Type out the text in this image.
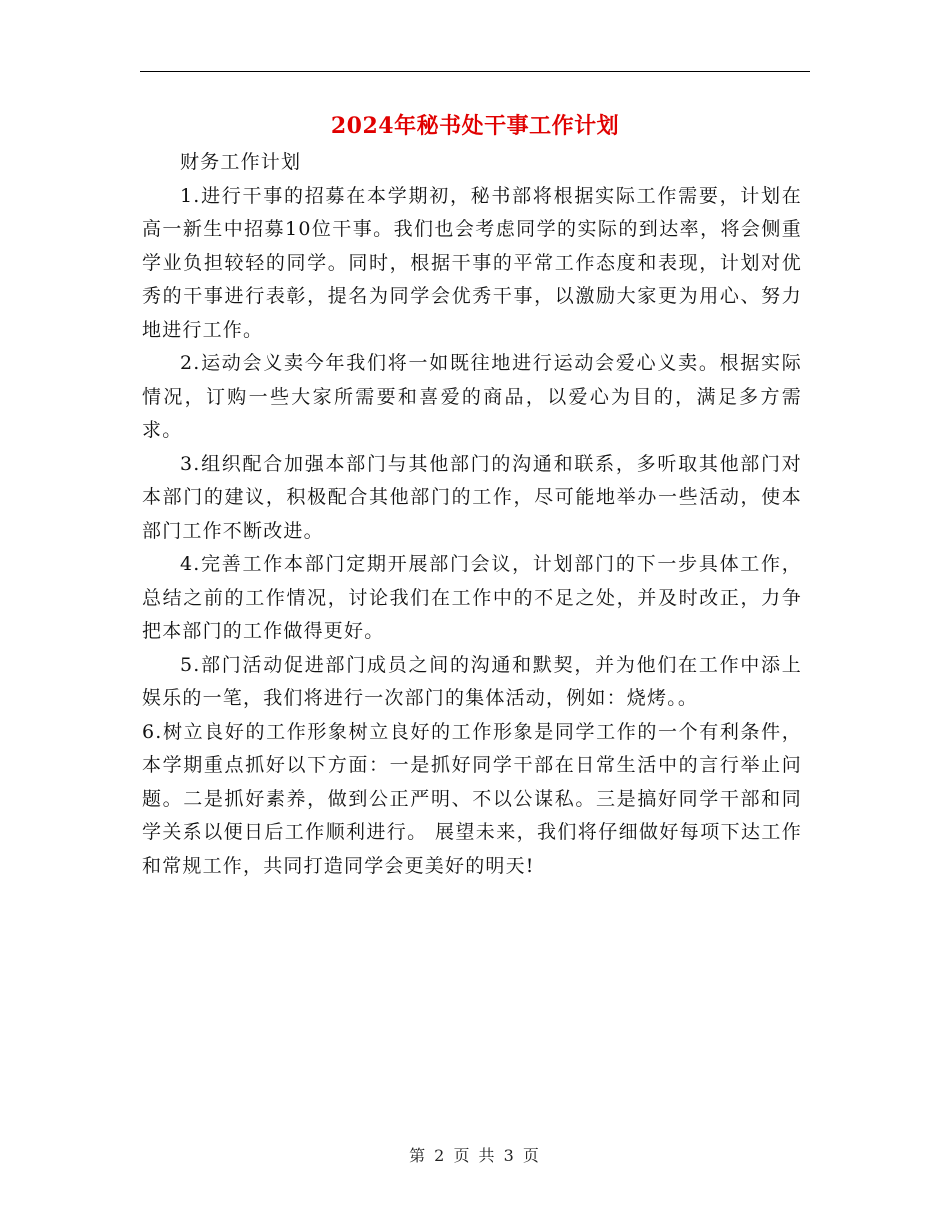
2024年秘书处干事工作计划

财务工作计划

1.进行干事的招募在本学期初，秘书部将根据实际工作需要，计划在高一新生中招募10位干事。我们也会考虑同学的实际的到达率，将会侧重学业负担较轻的同学。同时，根据干事的平常工作态度和表现，计划对优秀的干事进行表彰，提名为同学会优秀干事，以激励大家更为用心、努力地进行工作。

2.运动会义卖今年我们将一如既往地进行运动会爱心义卖。根据实际情况，订购一些大家所需要和喜爱的商品，以爱心为目的，满足多方需求。

3.组织配合加强本部门与其他部门的沟通和联系，多听取其他部门对本部门的建议，积极配合其他部门的工作，尽可能地举办一些活动，使本部门工作不断改进。

4.完善工作本部门定期开展部门会议，计划部门的下一步具体工作，总结之前的工作情况，讨论我们在工作中的不足之处，并及时改正，力争把本部门的工作做得更好。

5.部门活动促进部门成员之间的沟通和默契，并为他们在工作中添上娱乐的一笔，我们将进行一次部门的集体活动，例如：烧烤。。

6.树立良好的工作形象树立良好的工作形象是同学工作的一个有利条件，本学期重点抓好以下方面：一是抓好同学干部在日常生活中的言行举止问题。二是抓好素养，做到公正严明、不以公谋私。三是搞好同学干部和同学关系以便日后工作顺利进行。 展望未来，我们将仔细做好每项下达工作和常规工作，共同打造同学会更美好的明天!

第 2 页 共 3 页
